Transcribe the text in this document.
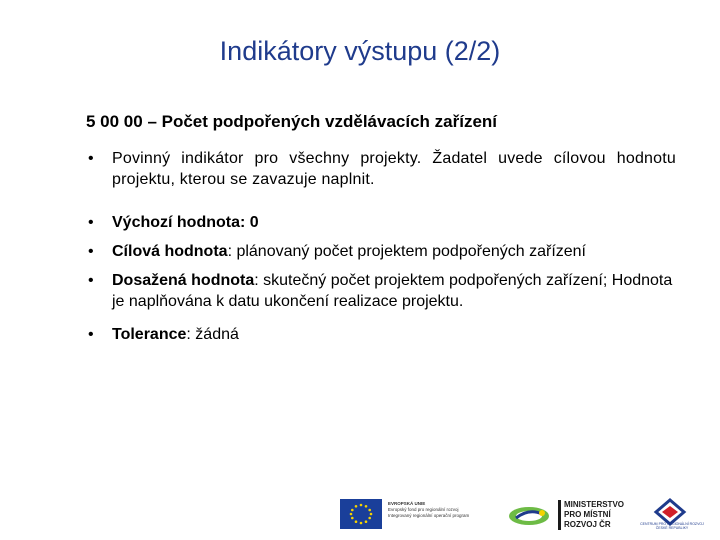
Indikátory výstupu (2/2)
5 00 00 – Počet podpořených vzdělávacích zařízení
• Povinný indikátor pro všechny projekty. Žadatel uvede cílovou hodnotu projektu, kterou se zavazuje naplnit.
• Výchozí hodnota: 0
• Cílová hodnota: plánovaný počet projektem podpořených zařízení
• Dosažená hodnota: skutečný počet projektem podpořených zařízení; Hodnota je naplňována k datu ukončení realizace projektu.
• Tolerance: žádná
EVROPSKÁ UNIE
Evropský fond pro regionální rozvoj
Integrovaný regionální operační program
MINISTERSTVO
PRO MÍSTNÍ
ROZVOJ ČR	CENTRUM PRO REGIONÁLNÍ ROZVOJ
ČESKÉ REPUBLIKY
